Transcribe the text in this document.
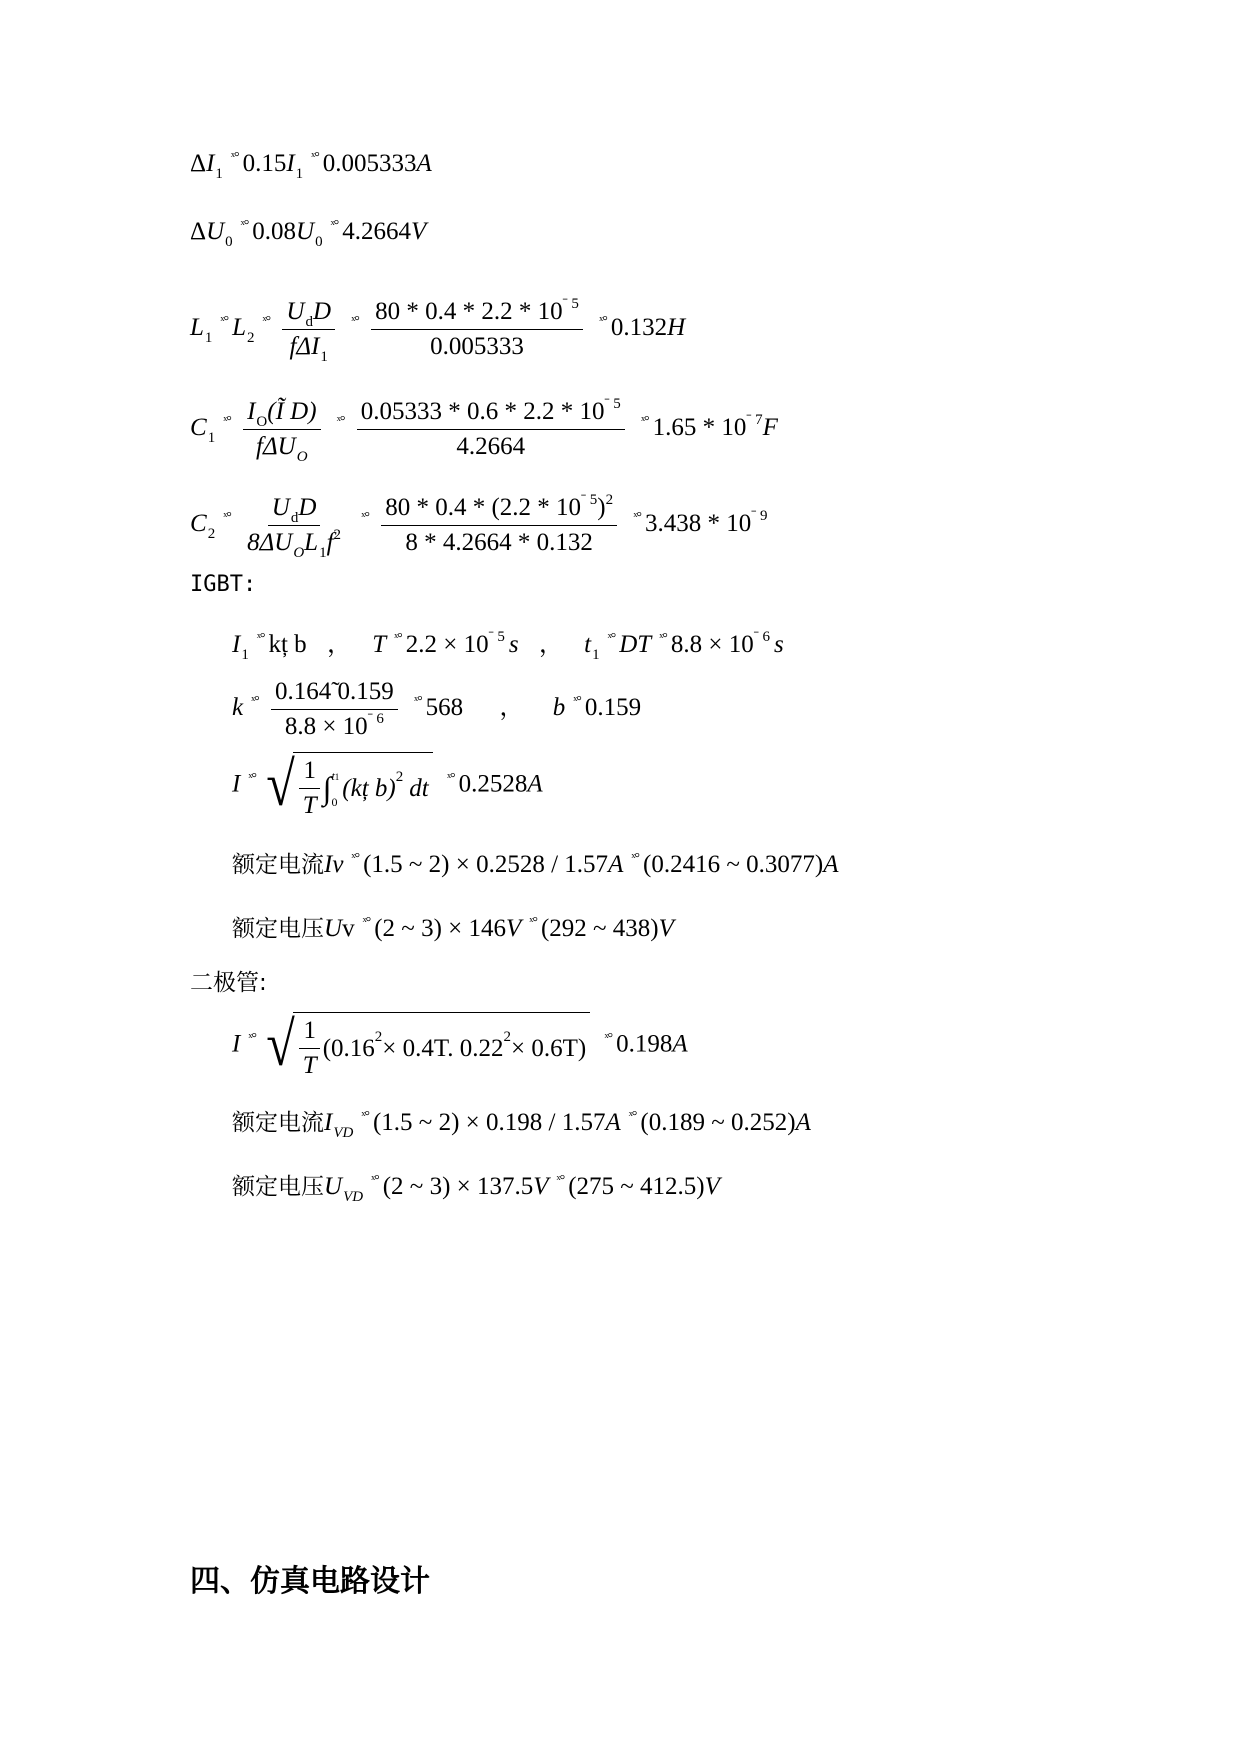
$\Delta I_1^{ˣ^\circ}$ $0.15I_1^{ˣ^\circ}$ 0.005333A
$\Delta U_0^{ˣ^\circ}$ $0.08U_0^{ˣ^\circ}$ 4.2664V
$L_1^{ˣ^\circ}$ $L_2^{ˣ^\circ} \frac{U_dD}{f\Delta I_1} ^{ˣ^\circ} \frac{80 * 0.4 * 2.2 * 10^{ˉ 5}}{0.005333} ^{ˣ^\circ}$ 0.132H
$C_1^{ˣ^\circ} \frac{I_O(Ĩ D)}{f\Delta U_O} ^{ˣ^\circ} \frac{0.05333 * 0.6 * 2.2 * 10^{ˉ 5}}{4.2664} ^{ˣ^\circ}$ $1.65 * 10^{ˉ 7}F$
$C_2^{ˣ^\circ} \frac{U_dD}{8\Delta U_OL_1f^2} ^{ˣ^\circ} \frac{80 * 0.4 * (2.2 * 10^{ˉ 5})^2}{8 * 4.2664 * 0.132} ^{ˣ^\circ}$ $3.438 * 10^{ˉ 9}$
IGBT:
$I_1^{ˣ^\circ}$ kț b ， T $^{ˣ^\circ}$ $2.2 \times 10^{ˉ 5}$ s ， $t_1^{ˣ^\circ}$ DT $^{ˣ^\circ}$ $8.8 \times 10^{ˉ 6}$ s
k $^{ˣ^\circ} \frac{0.164̃ 0.159}{8.8 \times 10^{ˉ 6}} ^{ˣ^\circ}$ 568 ， b $^{ˣ^\circ}$ 0.159
I $^{ˣ^\circ}$ √ $\frac{1}{T}$ ∫ t1
0 (kț b) 2 dt $^{ˣ^\circ}$ 0.2528A
额定电流Iv $^{ˣ^\circ}$ (1.5 ~ 2) × 0.2528 / 1.57A $^{ˣ^\circ}$ (0.2416 ~ 0.3077)A
额定电压Uv $^{ˣ^\circ}$ (2 ~ 3) × 146V $^{ˣ^\circ}$ (292 ~ 438)V
二极管:
I $^{ˣ^\circ}$ √ $\frac{1}{T} (0.16$ 2 × 0.4T. 0.22 2 × 0.6T) $^{ˣ^\circ}$ 0.198A
额定电流$I_{VD}^{ˣ^\circ}$ (1.5 ~ 2) × 0.198 / 1.57A $^{ˣ^\circ}$ (0.189 ~ 0.252)A
额定电压$U_{VD}^{ˣ^\circ}$ (2 ~ 3) × 137.5V $^{ˣ^\circ}$ (275 ~ 412.5)V
四、仿真电路设计
